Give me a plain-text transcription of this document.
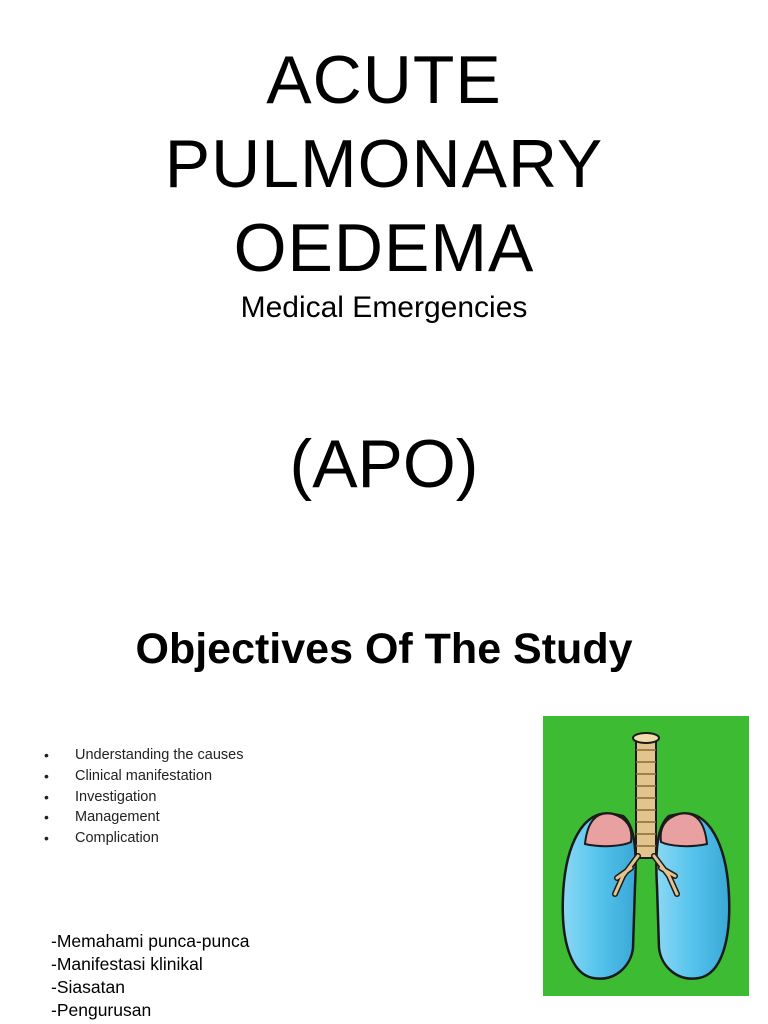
ACUTE
PULMONARY
OEDEMA
Medical Emergencies
(APO)
Objectives Of The Study
• Understanding the causes
• Clinical manifestation
• Investigation
• Management
• Complication
-Memahami punca-punca
-Manifestasi klinikal
-Siasatan
-Pengurusan
